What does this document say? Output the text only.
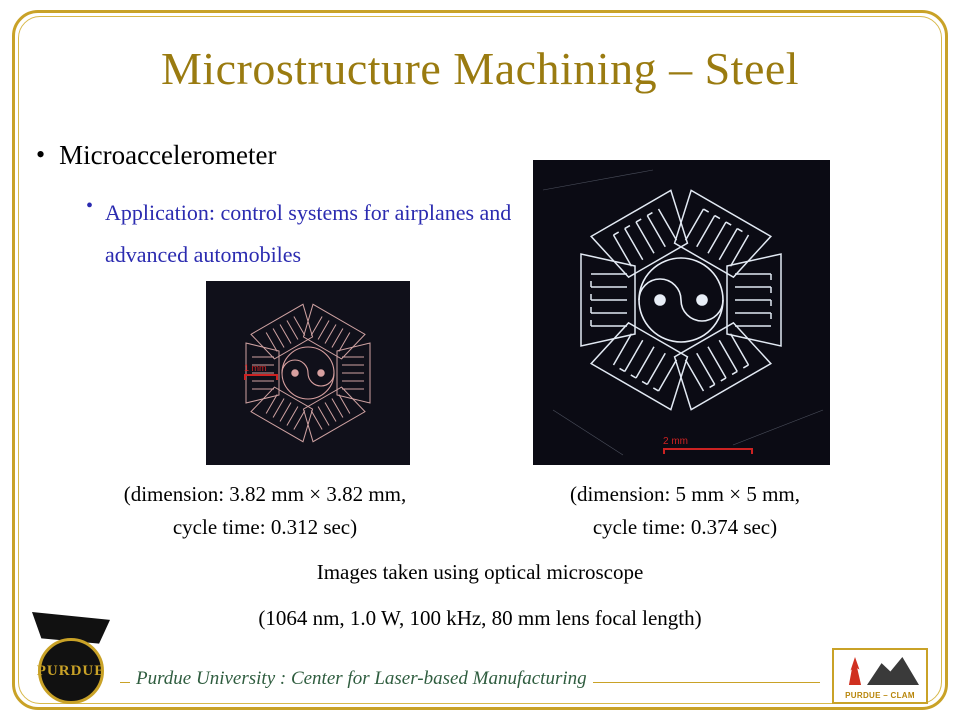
Microstructure Machining – Steel
• Microaccelerometer
• Application: control systems for airplanes and advanced automobiles
1 mm
2 mm
(dimension: 3.82 mm × 3.82 mm,
cycle time: 0.312 sec)
(dimension: 5 mm × 5 mm,
cycle time: 0.374 sec)
Images taken using optical microscope
(1064 nm, 1.0 W, 100 kHz, 80 mm lens focal length)
Purdue University : Center for Laser-based Manufacturing
PURDUE
PURDUE – CLAM
